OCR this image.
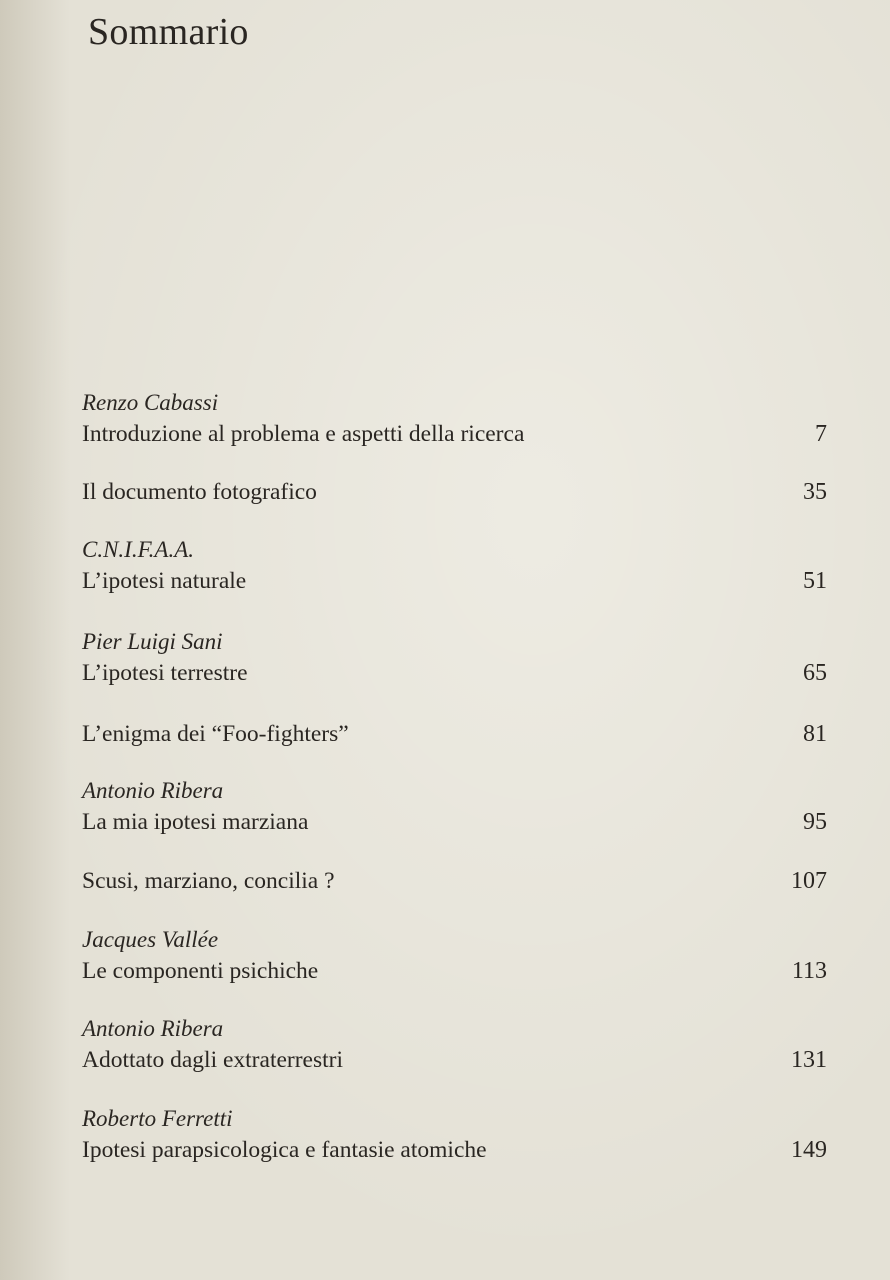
Sommario
Renzo Cabassi
Introduzione al problema e aspetti della ricerca	7
Il documento fotografico	35
C.N.I.F.A.A.
L’ipotesi naturale	51
Pier Luigi Sani
L’ipotesi terrestre	65
L’enigma dei “Foo-fighters”	81
Antonio Ribera
La mia ipotesi marziana	95
Scusi, marziano, concilia ?	107
Jacques Vallée
Le componenti psichiche	113
Antonio Ribera
Adottato dagli extraterrestri	131
Roberto Ferretti
Ipotesi parapsicologica e fantasie atomiche	149
